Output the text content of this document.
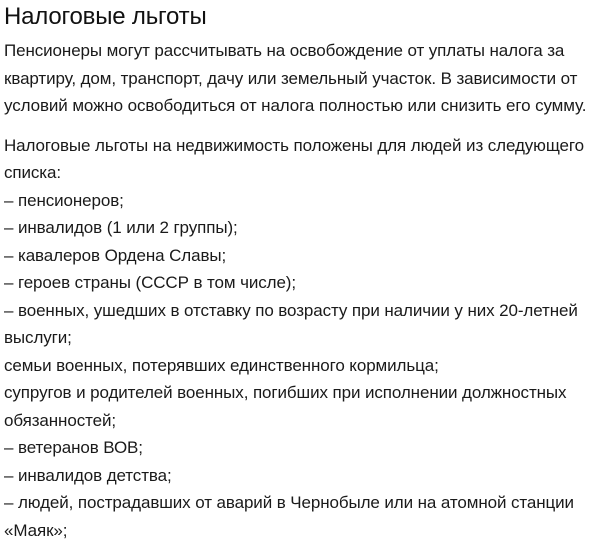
Налоговые льготы

Пенсионеры могут рассчитывать на освобождение от уплаты налога за квартиру, дом, транспорт, дачу или земельный участок. В зависимости от условий можно освободиться от налога полностью или снизить его сумму.

Налоговые льготы на недвижимость положены для людей из следующего списка:

– пенсионеров;
– инвалидов (1 или 2 группы);
– кавалеров Ордена Славы;
– героев страны (СССР в том числе);
– военных, ушедших в отставку по возрасту при наличии у них 20-летней выслуги;
семьи военных, потерявших единственного кормильца;
супругов и родителей военных, погибших при исполнении должностных обязанностей;
– ветеранов ВОВ;
– инвалидов детства;
– людей, пострадавших от аварий в Чернобыле или на атомной станции «Маяк»;
